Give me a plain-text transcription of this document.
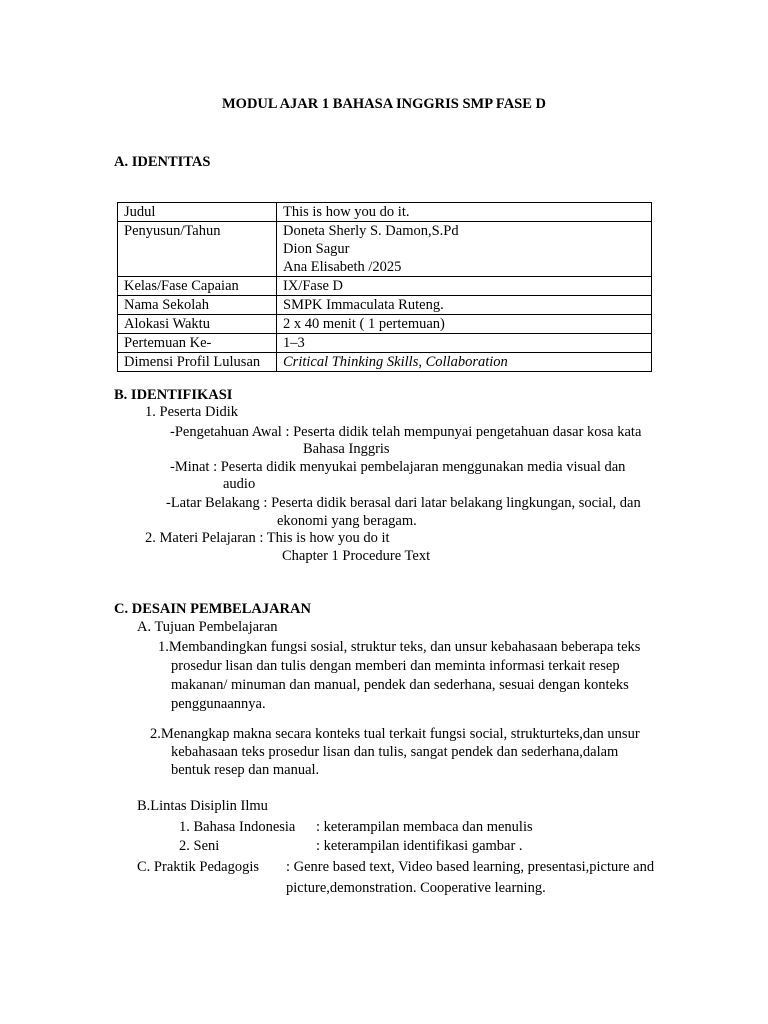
MODUL AJAR 1 BAHASA INGGRIS SMP FASE D
A. IDENTITAS
Judul	This is how you do it.
Penyusun/Tahun	Doneta Sherly S. Damon,S.Pd
Dion Sagur
Ana Elisabeth /2025

Kelas/Fase Capaian	IX/Fase D
Nama Sekolah	SMPK Immaculata Ruteng.
Alokasi Waktu	2 x 40 menit ( 1 pertemuan)
Pertemuan Ke-	1–3
Dimensi Profil Lulusan	Critical Thinking Skills, Collaboration
B. IDENTIFIKASI
1. Peserta Didik
-Pengetahuan Awal : Peserta didik telah mempunyai pengetahuan dasar kosa kata
Bahasa Inggris
-Minat : Peserta didik menyukai pembelajaran menggunakan media visual dan
audio
-Latar Belakang : Peserta didik berasal dari latar belakang lingkungan, social, dan
ekonomi yang beragam.
2. Materi Pelajaran : This is how you do it
Chapter 1 Procedure Text
C. DESAIN PEMBELAJARAN
A. Tujuan Pembelajaran
1.Membandingkan fungsi sosial, struktur teks, dan unsur kebahasaan beberapa teks
prosedur lisan dan tulis dengan memberi dan meminta informasi terkait resep
makanan/ minuman dan manual, pendek dan sederhana, sesuai dengan konteks
penggunaannya.
2.Menangkap makna secara konteks tual terkait fungsi social, strukturteks,dan unsur
kebahasaan teks prosedur lisan dan tulis, sangat pendek dan sederhana,dalam
bentuk resep dan manual.
B.Lintas Disiplin Ilmu
1. Bahasa Indonesia : keterampilan membaca dan menulis
2. Seni	: keterampilan identifikasi gambar .
C. Praktik Pedagogis : Genre based text, Video based learning, presentasi,picture and
picture,demonstration. Cooperative learning.
